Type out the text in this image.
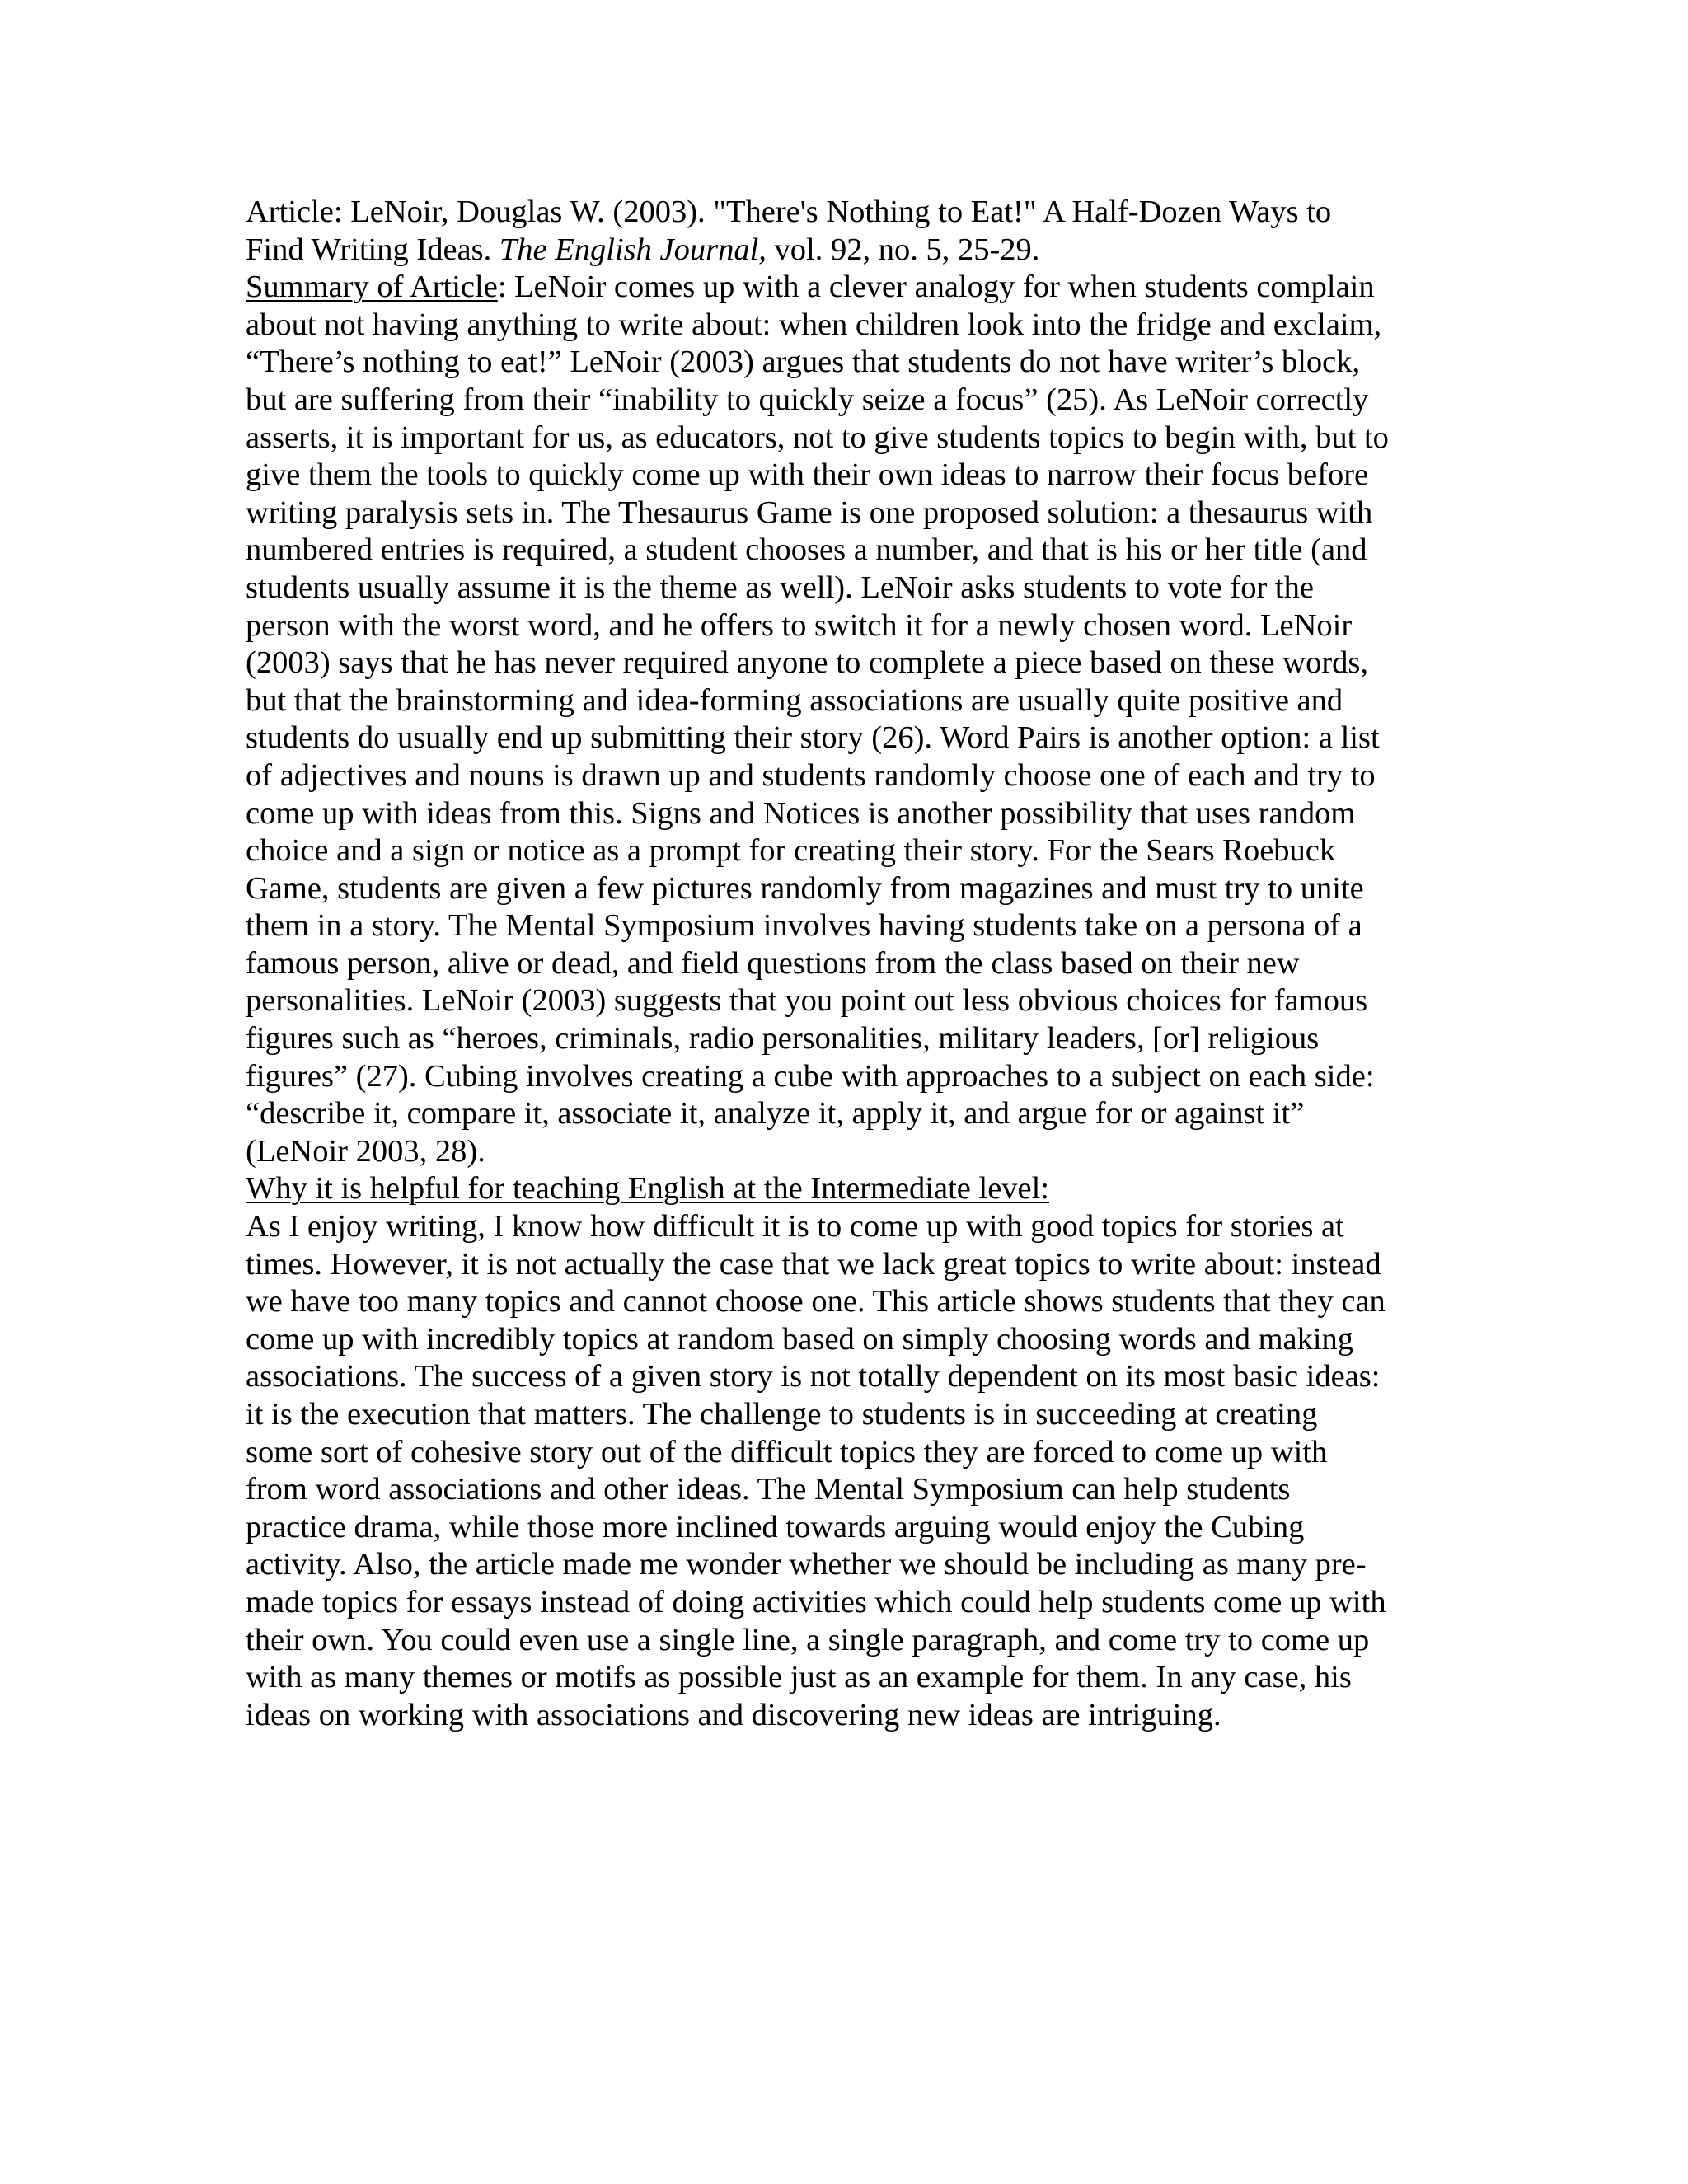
Article: LeNoir, Douglas W. (2003). "There's Nothing to Eat!" A Half-Dozen Ways to
Find Writing Ideas. The English Journal, vol. 92, no. 5, 25-29.
Summary of Article: LeNoir comes up with a clever analogy for when students complain
about not having anything to write about: when children look into the fridge and exclaim,
“There’s nothing to eat!” LeNoir (2003) argues that students do not have writer’s block,
but are suffering from their “inability to quickly seize a focus” (25). As LeNoir correctly
asserts, it is important for us, as educators, not to give students topics to begin with, but to
give them the tools to quickly come up with their own ideas to narrow their focus before
writing paralysis sets in. The Thesaurus Game is one proposed solution: a thesaurus with
numbered entries is required, a student chooses a number, and that is his or her title (and
students usually assume it is the theme as well). LeNoir asks students to vote for the
person with the worst word, and he offers to switch it for a newly chosen word. LeNoir
(2003) says that he has never required anyone to complete a piece based on these words,
but that the brainstorming and idea-forming associations are usually quite positive and
students do usually end up submitting their story (26). Word Pairs is another option: a list
of adjectives and nouns is drawn up and students randomly choose one of each and try to
come up with ideas from this. Signs and Notices is another possibility that uses random
choice and a sign or notice as a prompt for creating their story. For the Sears Roebuck
Game, students are given a few pictures randomly from magazines and must try to unite
them in a story. The Mental Symposium involves having students take on a persona of a
famous person, alive or dead, and field questions from the class based on their new
personalities. LeNoir (2003) suggests that you point out less obvious choices for famous
figures such as “heroes, criminals, radio personalities, military leaders, [or] religious
figures” (27). Cubing involves creating a cube with approaches to a subject on each side:
“describe it, compare it, associate it, analyze it, apply it, and argue for or against it”
(LeNoir 2003, 28).
Why it is helpful for teaching English at the Intermediate level:
As I enjoy writing, I know how difficult it is to come up with good topics for stories at
times. However, it is not actually the case that we lack great topics to write about: instead
we have too many topics and cannot choose one. This article shows students that they can
come up with incredibly topics at random based on simply choosing words and making
associations. The success of a given story is not totally dependent on its most basic ideas:
it is the execution that matters. The challenge to students is in succeeding at creating
some sort of cohesive story out of the difficult topics they are forced to come up with
from word associations and other ideas. The Mental Symposium can help students
practice drama, while those more inclined towards arguing would enjoy the Cubing
activity. Also, the article made me wonder whether we should be including as many pre-
made topics for essays instead of doing activities which could help students come up with
their own. You could even use a single line, a single paragraph, and come try to come up
with as many themes or motifs as possible just as an example for them. In any case, his
ideas on working with associations and discovering new ideas are intriguing.
